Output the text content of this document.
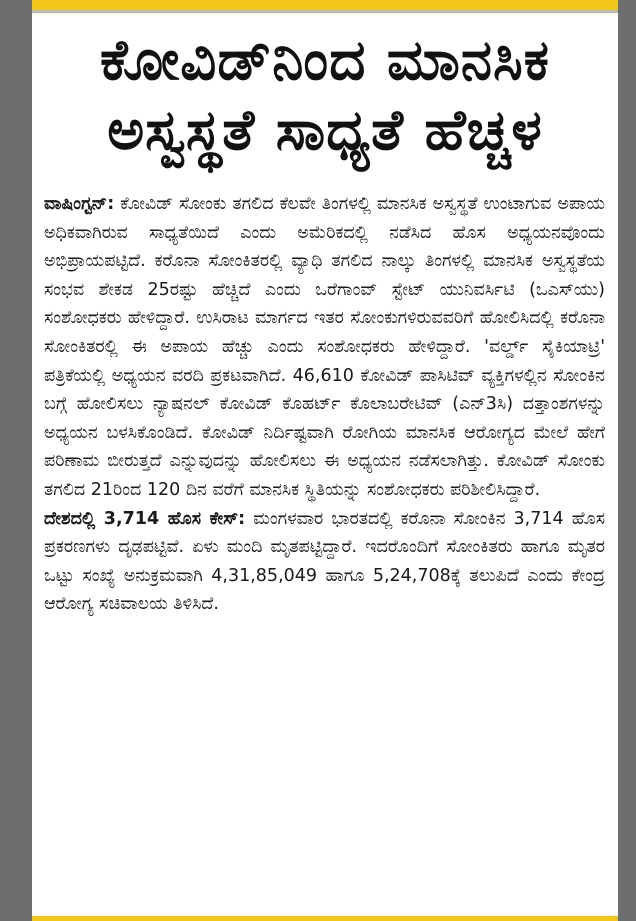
ಕೋವಿಡ್‌ನಿಂದ ಮಾನಸಿಕ
ಅಸ್ವಸ್ಥತೆ ಸಾಧ್ಯತೆ ಹೆಚ್ಚಳ

ವಾಷಿಂಗ್ಟನ್: ಕೋವಿಡ್ ಸೋಂಕು ತಗಲಿದ ಕೆಲವೇ ತಿಂಗಳಲ್ಲಿ ಮಾನಸಿಕ ಅಸ್ವಸ್ಥತೆ ಉಂಟಾಗುವ ಅಪಾಯ ಅಧಿಕವಾಗಿರುವ ಸಾಧ್ಯತೆಯಿದೆ ಎಂದು ಅಮೆರಿಕದಲ್ಲಿ ನಡೆಸಿದ ಹೊಸ ಅಧ್ಯಯನವೊಂದು ಅಭಿಪ್ರಾಯಪಟ್ಟಿದೆ. ಕರೊನಾ ಸೋಂಕಿತರಲ್ಲಿ ವ್ಯಾಧಿ ತಗಲಿದ ನಾಲ್ಕು ತಿಂಗಳಲ್ಲಿ ಮಾನಸಿಕ ಅಸ್ವಸ್ಥತೆಯ ಸಂಭವ ಶೇಕಡ 25ರಷ್ಟು ಹೆಚ್ಚಿದೆ ಎಂದು ಒರೆಗಾಂವ್ ಸ್ಟೇಟ್ ಯುನಿವರ್ಸಿಟಿ (ಒಎಸ್‌ಯು) ಸಂಶೋಧಕರು ಹೇಳಿದ್ದಾರೆ. ಉಸಿರಾಟ ಮಾರ್ಗದ ಇತರ ಸೋಂಕುಗಳಿರುವವರಿಗೆ ಹೋಲಿಸಿದಲ್ಲಿ ಕರೊನಾ ಸೋಂಕಿತರಲ್ಲಿ ಈ ಅಪಾಯ ಹೆಚ್ಚು ಎಂದು ಸಂಶೋಧಕರು ಹೇಳಿದ್ದಾರೆ. 'ವರ್ಲ್ಡ್ ಸೈಕಿಯಾಟ್ರಿ' ಪತ್ರಿಕೆಯಲ್ಲಿ ಅಧ್ಯಯನ ವರದಿ ಪ್ರಕಟವಾಗಿದೆ. 46,610 ಕೋವಿಡ್ ಪಾಸಿಟಿವ್ ವ್ಯಕ್ತಿಗಳಲ್ಲಿನ ಸೋಂಕಿನ ಬಗ್ಗೆ ಹೋಲಿಸಲು ನ್ಯಾಷನಲ್ ಕೋವಿಡ್ ಕೊಹರ್ಟ್ ಕೊಲಾಬರೇಟಿವ್ (ಎನ್3ಸಿ) ದತ್ತಾಂಶಗಳನ್ನು ಅಧ್ಯಯನ ಬಳಸಿಕೊಂಡಿದೆ. ಕೋವಿಡ್ ನಿರ್ದಿಷ್ಟವಾಗಿ ರೋಗಿಯ ಮಾನಸಿಕ ಆರೋಗ್ಯದ ಮೇಲೆ ಹೇಗೆ ಪರಿಣಾಮ ಬೀರುತ್ತದೆ ಎನ್ನುವುದನ್ನು ಹೋಲಿಸಲು ಈ ಅಧ್ಯಯನ ನಡೆಸಲಾಗಿತ್ತು. ಕೋವಿಡ್ ಸೋಂಕು ತಗಲಿದ 21ರಿಂದ 120 ದಿನ ವರೆಗೆ ಮಾನಸಿಕ ಸ್ಥಿತಿಯನ್ನು ಸಂಶೋಧಕರು ಪರಿಶೀಲಿಸಿದ್ದಾರೆ.

ದೇಶದಲ್ಲಿ 3,714 ಹೊಸ ಕೇಸ್: ಮಂಗಳವಾರ ಭಾರತದಲ್ಲಿ ಕರೊನಾ ಸೋಂಕಿನ 3,714 ಹೊಸ ಪ್ರಕರಣಗಳು ದೃಢಪಟ್ಟಿವೆ. ಏಳು ಮಂದಿ ಮೃತಪಟ್ಟಿದ್ದಾರೆ. ಇದರೊಂದಿಗೆ ಸೋಂಕಿತರು ಹಾಗೂ ಮೃತರ ಒಟ್ಟು ಸಂಖ್ಯೆ ಅನುಕ್ರಮವಾಗಿ 4,31,85,049 ಹಾಗೂ 5,24,708ಕ್ಕೆ ತಲುಪಿದೆ ಎಂದು ಕೇಂದ್ರ ಆರೋಗ್ಯ ಸಚಿವಾಲಯ ತಿಳಿಸಿದೆ.
